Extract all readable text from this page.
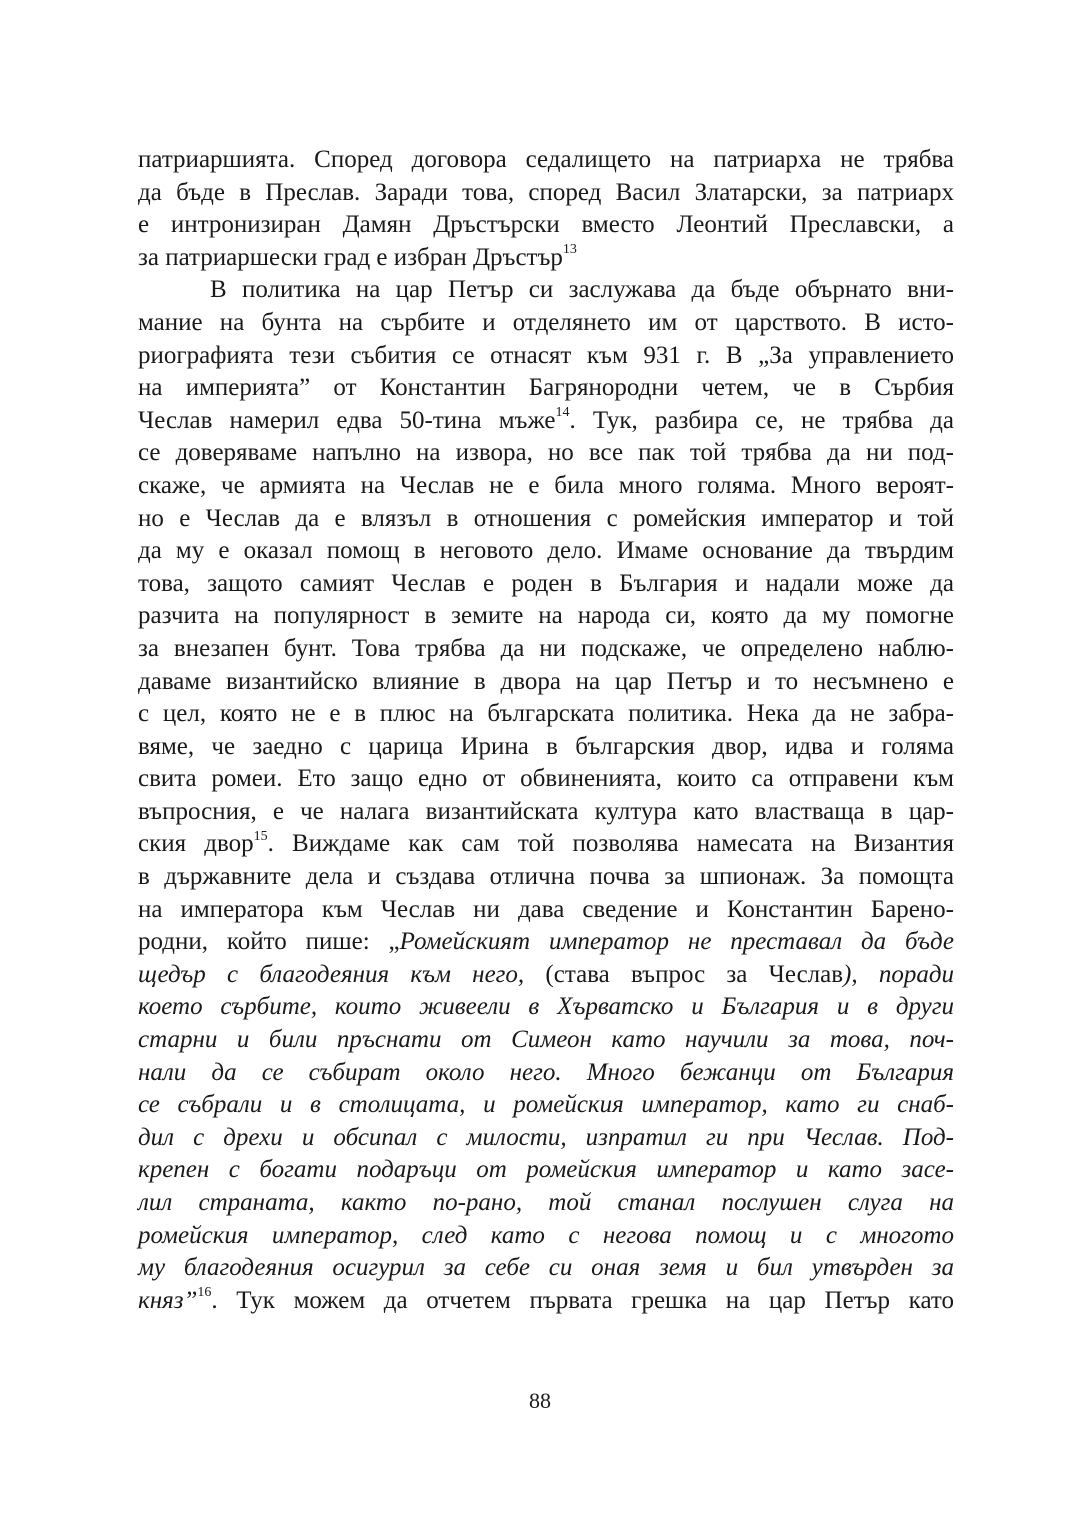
патриаршията. Според договора седалището на патриарха не трябва
да бъде в Преслав. Заради това, според Васил Златарски, за патриарх
е интронизиран Дамян Дръстърски вместо Леонтий Преславски, а
за патриаршески град е избран Дръстър$^{13}$
В политика на цар Петър си заслужава да бъде обърнато вни-
мание на бунта на сърбите и отделянето им от царството. В исто-
риографията тези събития се отнасят към 931 г. В „За управлението
на империята” от Константин Багрянородни четем, че в Сърбия
Чеслав намерил едва 50-тина мъже$^{14}$. Тук, разбира се, не трябва да
се доверяваме напълно на извора, но все пак той трябва да ни под-
скаже, че армията на Чеслав не е била много голяма. Много вероят-
но е Чеслав да е влязъл в отношения с ромейския император и той
да му е оказал помощ в неговото дело. Имаме основание да твърдим
това, защото самият Чеслав е роден в България и надали може да
разчита на популярност в земите на народа си, която да му помогне
за внезапен бунт. Това трябва да ни подскаже, че определено наблю-
даваме византийско влияние в двора на цар Петър и то несъмнено е
с цел, която не е в плюс на българската политика. Нека да не забра-
вяме, че заедно с царица Ирина в българския двор, идва и голяма
свита ромеи. Ето защо едно от обвиненията, които са отправени към
въпросния, е че налага византийската култура като властваща в цар-
ския двор$^{15}$. Виждаме как сам той позволява намесата на Византия
в държавните дела и създава отлична почва за шпионаж. За помощта
на императора към Чеслав ни дава сведение и Константин Барено-
родни, който пише: „Ромейският император не преставал да бъде
щедър с благодеяния към него, (става въпрос за Чеслав), поради
което сърбите, които живеели в Хърватско и България и в други
старни и били пръснати от Симеон като научили за това, поч-
нали да се събират около него. Много бежанци от България
се събрали и в столицата, и ромейския император, като ги снаб-
дил с дрехи и обсипал с милости, изпратил ги при Чеслав. Под-
крепен с богати подаръци от ромейския император и като засе-
лил страната, както по-рано, той станал послушен слуга на
ромейския император, след като с негова помощ и с многото
му благодеяния осигурил за себе си оная земя и бил утвърден за
княз”$^{16}$. Тук можем да отчетем първата грешка на цар Петър като
88
